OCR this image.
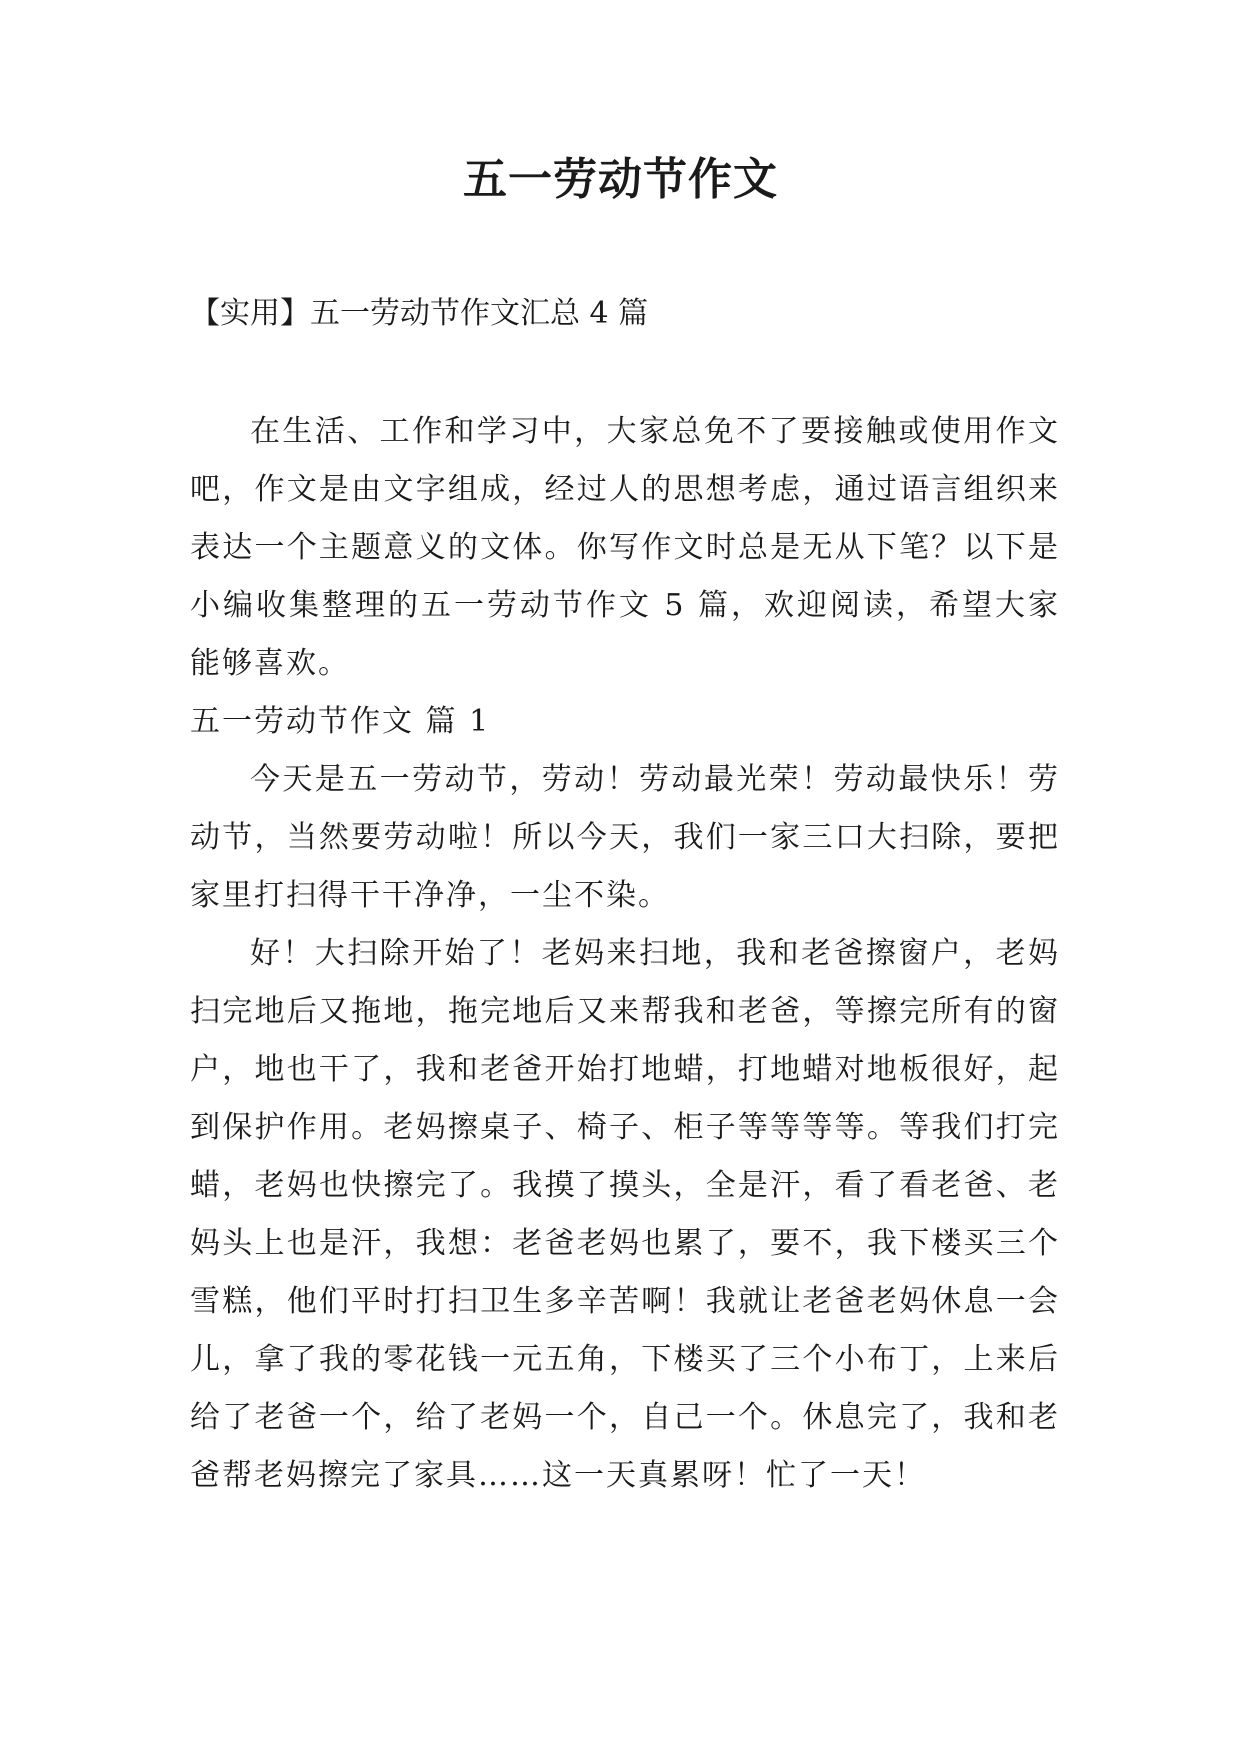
五一劳动节作文

【实用】五一劳动节作文汇总 4 篇

在生活、工作和学习中，大家总免不了要接触或使用作文吧，作文是由文字组成，经过人的思想考虑，通过语言组织来表达一个主题意义的文体。你写作文时总是无从下笔？以下是小编收集整理的五一劳动节作文 5 篇，欢迎阅读，希望大家能够喜欢。

五一劳动节作文 篇 1

今天是五一劳动节，劳动！劳动最光荣！劳动最快乐！劳动节，当然要劳动啦！所以今天，我们一家三口大扫除，要把家里打扫得干干净净，一尘不染。

好！大扫除开始了！老妈来扫地，我和老爸擦窗户，老妈扫完地后又拖地，拖完地后又来帮我和老爸，等擦完所有的窗户，地也干了，我和老爸开始打地蜡，打地蜡对地板很好，起到保护作用。老妈擦桌子、椅子、柜子等等等等。等我们打完蜡，老妈也快擦完了。我摸了摸头，全是汗，看了看老爸、老妈头上也是汗，我想：老爸老妈也累了，要不，我下楼买三个雪糕，他们平时打扫卫生多辛苦啊！我就让老爸老妈休息一会儿，拿了我的零花钱一元五角，下楼买了三个小布丁，上来后给了老爸一个，给了老妈一个，自己一个。休息完了，我和老爸帮老妈擦完了家具……这一天真累呀！忙了一天！
